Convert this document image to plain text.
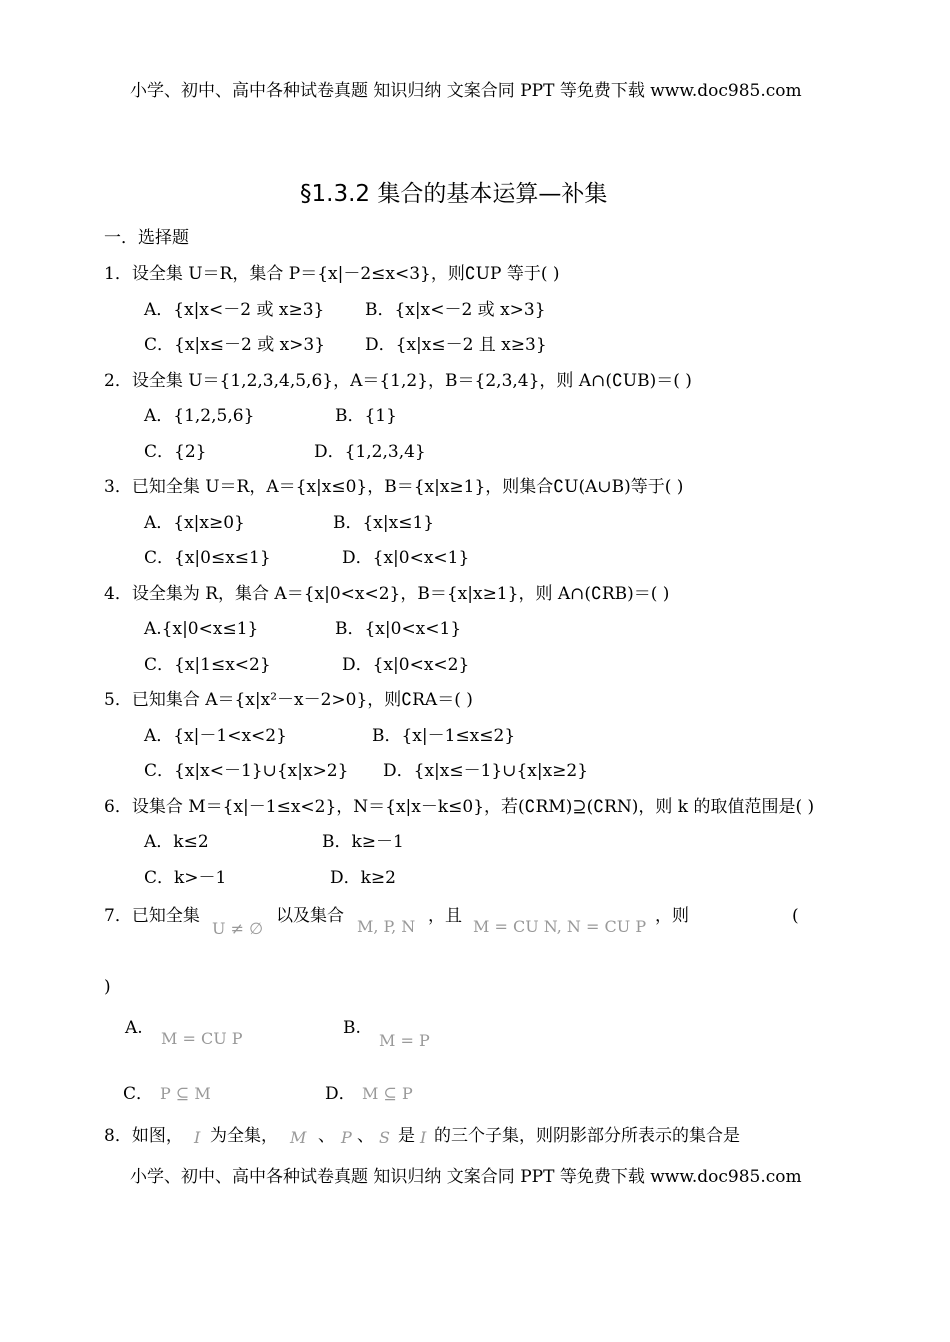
小学、初中、高中各种试卷真题 知识归纳 文案合同 PPT 等免费下载 www.doc985.com
§1.3.2 集合的基本运算—补集
一．选择题
1．设全集 U＝R，集合 P＝{x|－2≤x<3}，则∁UP 等于( )
A．{x|x<－2 或 x≥3} B．{x|x<－2 或 x>3}
C．{x|x≤－2 或 x>3} D．{x|x≤－2 且 x≥3}
2．设全集 U＝{1,2,3,4,5,6}，A＝{1,2}，B＝{2,3,4}，则 A∩(∁UB)＝( )
A．{1,2,5,6}	B．{1}
C．{2}	D．{1,2,3,4}
3．已知全集 U＝R，A＝{x|x≤0}，B＝{x|x≥1}，则集合∁U(A∪B)等于( )
A．{x|x≥0}	B．{x|x≤1}
C．{x|0≤x≤1}	D．{x|0<x<1}
4．设全集为 R，集合 A＝{x|0<x<2}，B＝{x|x≥1}，则 A∩(∁RB)＝( )
A.{x|0<x≤1}	B．{x|0<x<1}
C．{x|1≤x<2}	D．{x|0<x<2}
5．已知集合 A＝{x|x²－x－2>0}，则∁RA＝( )
A．{x|－1<x<2}	B．{x|－1≤x≤2}
C．{x|x<－1}∪{x|x>2} D．{x|x≤－1}∪{x|x≥2}
6．设集合 M＝{x|－1≤x<2}，N＝{x|x－k≤0}，若(∁RM)⊇(∁RN)，则 k 的取值范围是( )
A．k≤2	B．k≥－1
C．k>－1	D．k≥2
7．已知全集
U ≠ ∅
以及集合
M, P, N
，且
M = CU N, N = CU P
，则	(
)
A.
M = CU P
B.
M = P
C． P ⊆ M	D． M ⊆ P
8．如图， I 为全集， M 、 P 、 S 是 I 的三个子集，则阴影部分所表示的集合是
小学、初中、高中各种试卷真题 知识归纳 文案合同 PPT 等免费下载 www.doc985.com
